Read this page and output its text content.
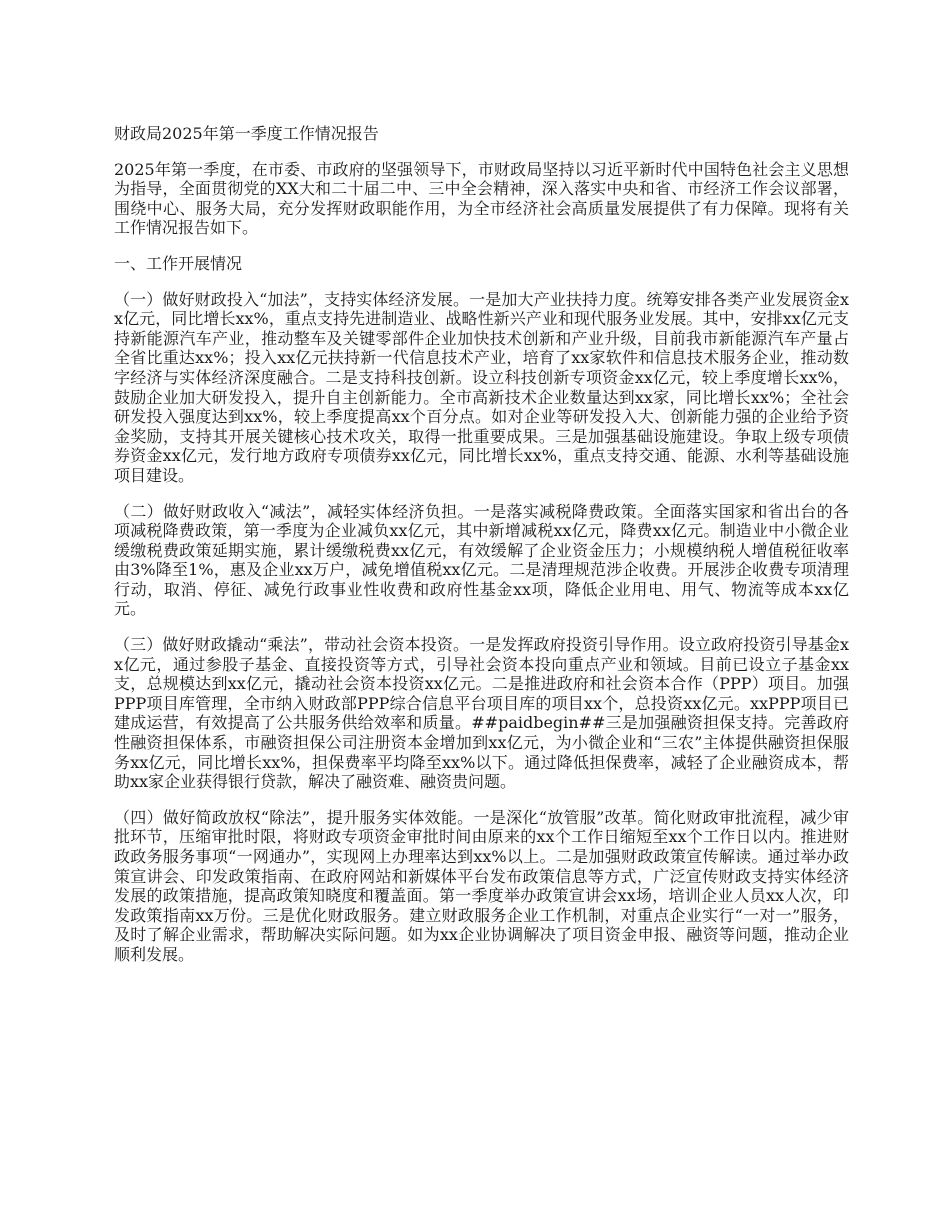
财政局2025年第一季度工作情况报告
2025年第一季度，在市委、市政府的坚强领导下，市财政局坚持以习近平新时代中国特色社会主义思想为指导，全面贯彻党的XX大和二十届二中、三中全会精神，深入落实中央和省、市经济工作会议部署，围绕中心、服务大局，充分发挥财政职能作用，为全市经济社会高质量发展提供了有力保障。现将有关工作情况报告如下。
一、工作开展情况
（一）做好财政投入“加法”，支持实体经济发展。一是加大产业扶持力度。统筹安排各类产业发展资金xx亿元，同比增长xx%，重点支持先进制造业、战略性新兴产业和现代服务业发展。其中，安排xx亿元支持新能源汽车产业，推动整车及关键零部件企业加快技术创新和产业升级，目前我市新能源汽车产量占全省比重达xx%；投入xx亿元扶持新一代信息技术产业，培育了xx家软件和信息技术服务企业，推动数字经济与实体经济深度融合。二是支持科技创新。设立科技创新专项资金xx亿元，较上季度增长xx%，鼓励企业加大研发投入，提升自主创新能力。全市高新技术企业数量达到xx家，同比增长xx%；全社会研发投入强度达到xx%，较上季度提高xx个百分点。如对企业等研发投入大、创新能力强的企业给予资金奖励，支持其开展关键核心技术攻关，取得一批重要成果。三是加强基础设施建设。争取上级专项债券资金xx亿元，发行地方政府专项债券xx亿元，同比增长xx%，重点支持交通、能源、水利等基础设施项目建设。
（二）做好财政收入“减法”，减轻实体经济负担。一是落实减税降费政策。全面落实国家和省出台的各项减税降费政策，第一季度为企业减负xx亿元，其中新增减税xx亿元，降费xx亿元。制造业中小微企业缓缴税费政策延期实施，累计缓缴税费xx亿元，有效缓解了企业资金压力；小规模纳税人增值税征收率由3%降至1%，惠及企业xx万户，减免增值税xx亿元。二是清理规范涉企收费。开展涉企收费专项清理行动，取消、停征、减免行政事业性收费和政府性基金xx项，降低企业用电、用气、物流等成本xx亿元。
（三）做好财政撬动“乘法”，带动社会资本投资。一是发挥政府投资引导作用。设立政府投资引导基金xx亿元，通过参股子基金、直接投资等方式，引导社会资本投向重点产业和领域。目前已设立子基金xx支，总规模达到xx亿元，撬动社会资本投资xx亿元。二是推进政府和社会资本合作（PPP）项目。加强PPP项目库管理，全市纳入财政部PPP综合信息平台项目库的项目xx个，总投资xx亿元。xxPPP项目已建成运营，有效提高了公共服务供给效率和质量。##paidbegin##三是加强融资担保支持。完善政府性融资担保体系，市融资担保公司注册资本金增加到xx亿元，为小微企业和“三农”主体提供融资担保服务xx亿元，同比增长xx%，担保费率平均降至xx%以下。通过降低担保费率，减轻了企业融资成本，帮助xx家企业获得银行贷款，解决了融资难、融资贵问题。
（四）做好简政放权“除法”，提升服务实体效能。一是深化“放管服”改革。简化财政审批流程，减少审批环节，压缩审批时限，将财政专项资金审批时间由原来的xx个工作日缩短至xx个工作日以内。推进财政政务服务事项“一网通办”，实现网上办理率达到xx%以上。二是加强财政政策宣传解读。通过举办政策宣讲会、印发政策指南、在政府网站和新媒体平台发布政策信息等方式，广泛宣传财政支持实体经济发展的政策措施，提高政策知晓度和覆盖面。第一季度举办政策宣讲会xx场，培训企业人员xx人次，印发政策指南xx万份。三是优化财政服务。建立财政服务企业工作机制，对重点企业实行“一对一”服务，及时了解企业需求，帮助解决实际问题。如为xx企业协调解决了项目资金申报、融资等问题，推动企业顺利发展。
